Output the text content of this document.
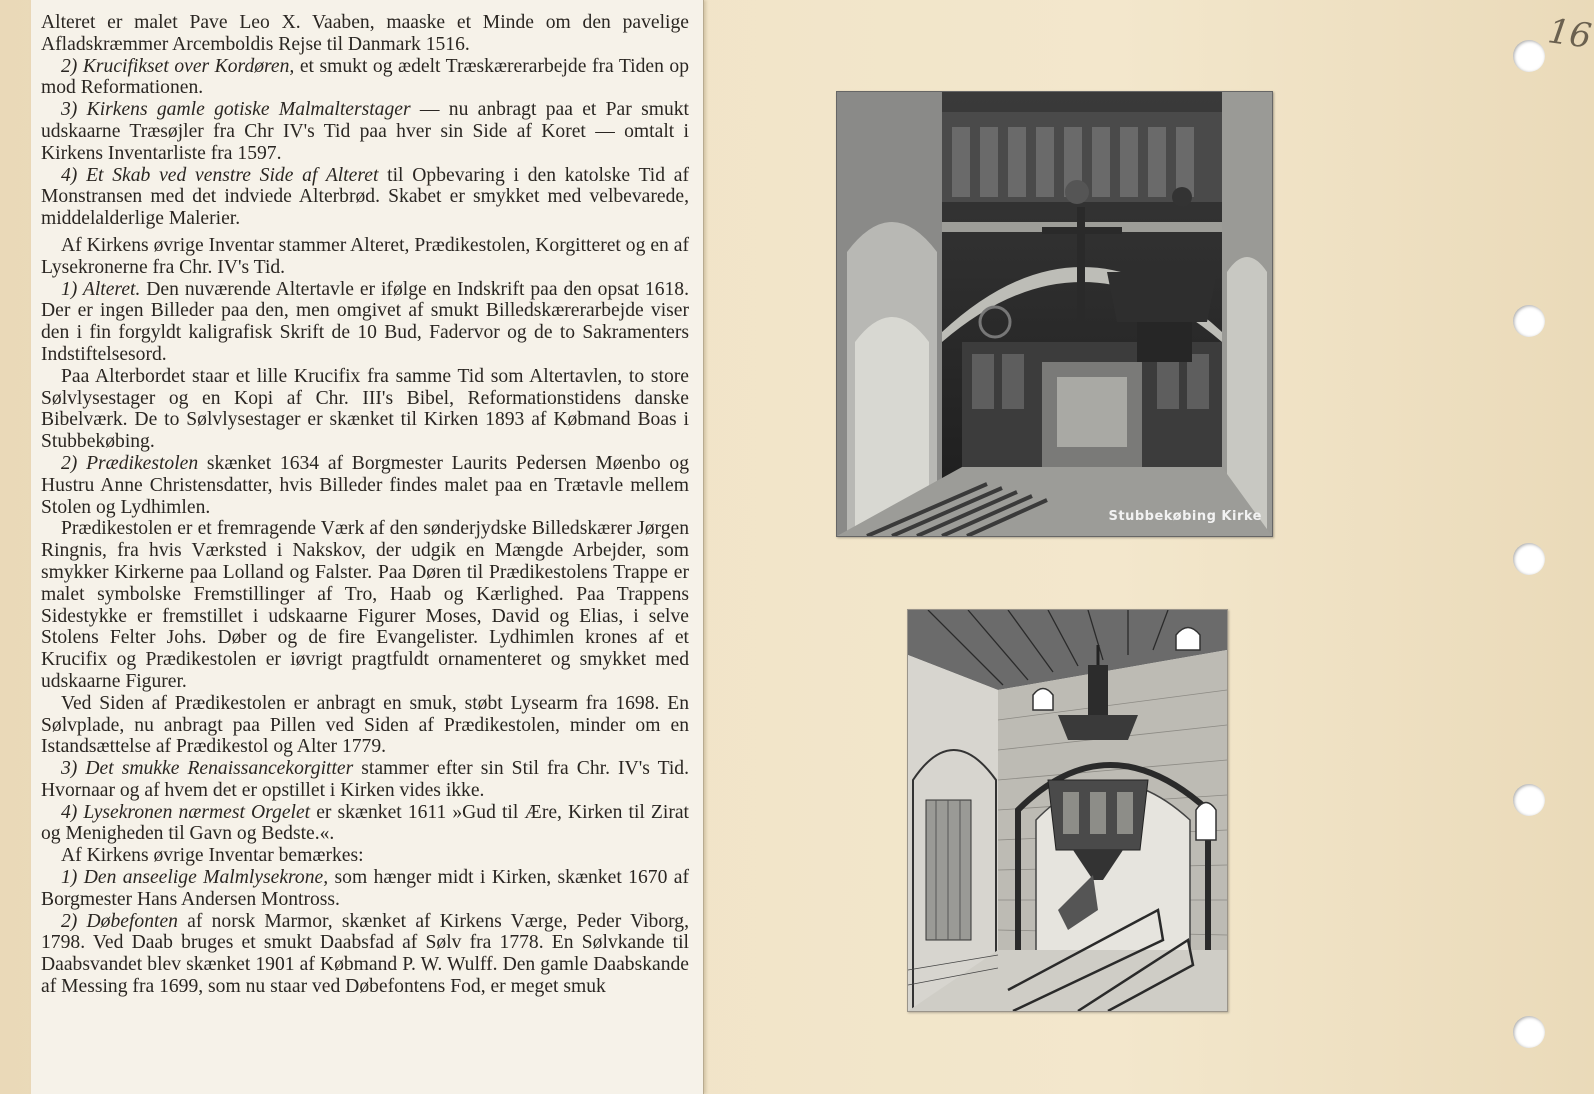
Alteret er malet Pave Leo X. Vaaben, maaske et Minde om den pavelige Afladskræmmer Arcemboldis Rejse til Danmark 1516.

2) Krucifikset over Kordøren, et smukt og ædelt Træskærerarbejde fra Tiden op mod Reformationen.

3) Kirkens gamle gotiske Malmalterstager — nu anbragt paa et Par smukt udskaarne Træsøjler fra Chr IV's Tid paa hver sin Side af Koret — omtalt i Kirkens Inventarliste fra 1597.

4) Et Skab ved venstre Side af Alteret til Opbevaring i den katolske Tid af Monstransen med det indviede Alterbrød. Skabet er smykket med velbevarede, middelalderlige Malerier.

Af Kirkens øvrige Inventar stammer Alteret, Prædikestolen, Korgitteret og en af Lysekronerne fra Chr. IV's Tid.

1) Alteret. Den nuværende Altertavle er ifølge en Indskrift paa den opsat 1618. Der er ingen Billeder paa den, men omgivet af smukt Billedskærerarbejde viser den i fin forgyldt kaligrafisk Skrift de 10 Bud, Fadervor og de to Sakramenters Indstiftelsesord.

Paa Alterbordet staar et lille Krucifix fra samme Tid som Altertavlen, to store Sølvlysestager og en Kopi af Chr. III's Bibel, Reformationstidens danske Bibelværk. De to Sølvlysestager er skænket til Kirken 1893 af Købmand Boas i Stubbekøbing.

2) Prædikestolen skænket 1634 af Borgmester Laurits Pedersen Møenbo og Hustru Anne Christensdatter, hvis Billeder findes malet paa en Trætavle mellem Stolen og Lydhimlen.

Prædikestolen er et fremragende Værk af den sønderjydske Billedskærer Jørgen Ringnis, fra hvis Værksted i Nakskov, der udgik en Mængde Arbejder, som smykker Kirkerne paa Lolland og Falster. Paa Døren til Prædikestolens Trappe er malet symbolske Fremstillinger af Tro, Haab og Kærlighed. Paa Trappens Sidestykke er fremstillet i udskaarne Figurer Moses, David og Elias, i selve Stolens Felter Johs. Døber og de fire Evangelister. Lydhimlen krones af et Krucifix og Prædikestolen er iøvrigt pragtfuldt ornamenteret og smykket med udskaarne Figurer.

Ved Siden af Prædikestolen er anbragt en smuk, støbt Lysearm fra 1698. En Sølvplade, nu anbragt paa Pillen ved Siden af Prædikestolen, minder om en Istandsættelse af Prædikestol og Alter 1779.

3) Det smukke Renaissancekorgitter stammer efter sin Stil fra Chr. IV's Tid. Hvornaar og af hvem det er opstillet i Kirken vides ikke.

4) Lysekronen nærmest Orgelet er skænket 1611 »Gud til Ære, Kirken til Zirat og Menigheden til Gavn og Bedste.«.

Af Kirkens øvrige Inventar bemærkes:

1) Den anseelige Malmlysekrone, som hænger midt i Kirken, skænket 1670 af Borgmester Hans Andersen Montross.

2) Døbefonten af norsk Marmor, skænket af Kirkens Værge, Peder Viborg, 1798. Ved Daab bruges et smukt Daabsfad af Sølv fra 1778. En Sølvkande til Daabsvandet blev skænket 1901 af Købmand P. W. Wulff. Den gamle Daabskande af Messing fra 1699, som nu staar ved Døbefontens Fod, er meget smuk

Stubbekøbing Kirke
16
